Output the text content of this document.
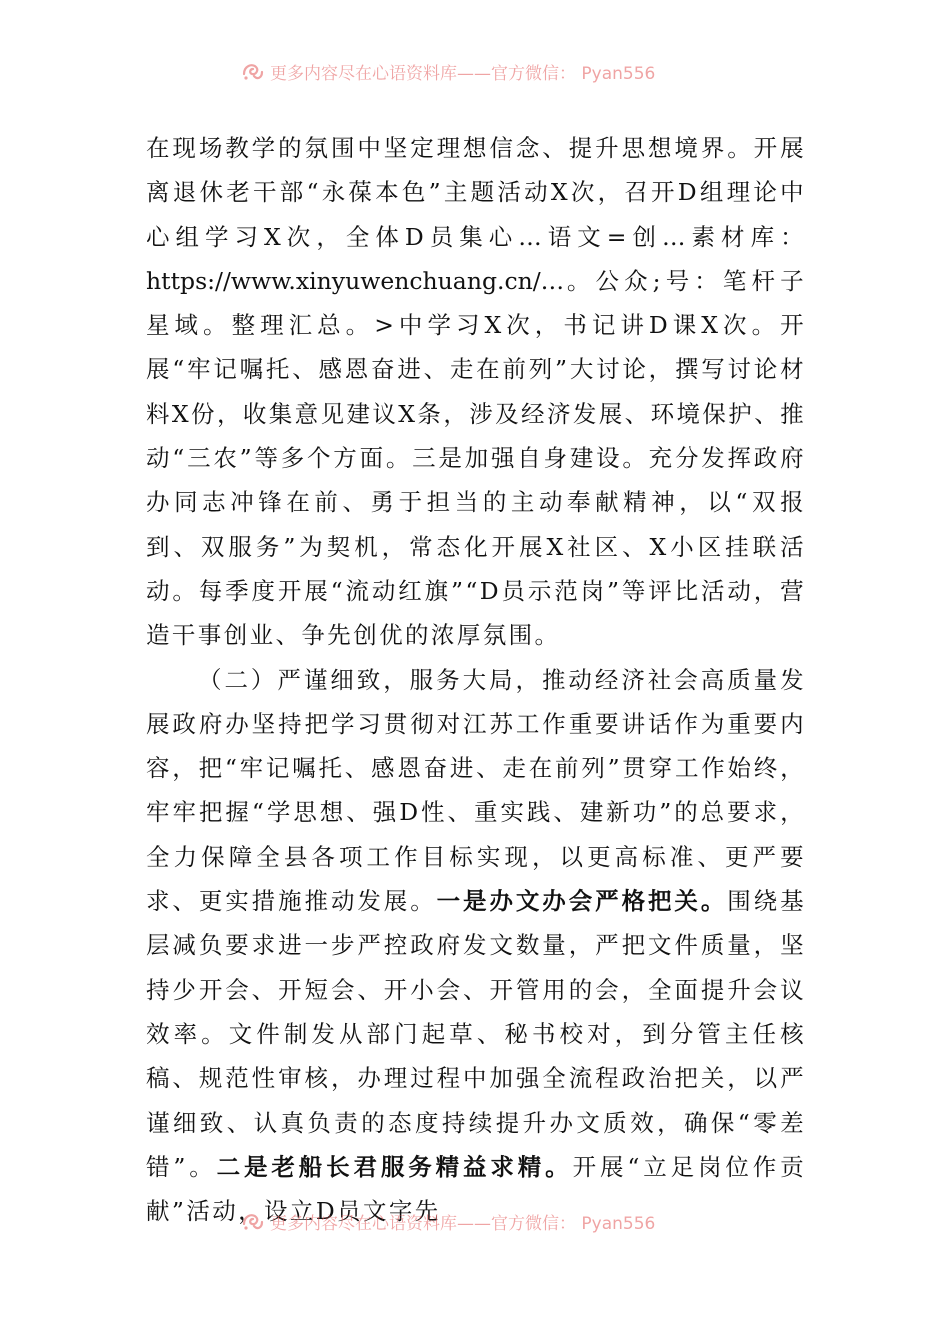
更多内容尽在心语资料库——官方微信： Pyan556

在现场教学的氛围中坚定理想信念、提升思想境界。开展离退休老干部“永葆本色”主题活动X次，召开D组理论中心组学习X次，全体D员集心…语文=创…素材库：https://www.xinyuwenchuang.cn/…。公众;号：笔杆子星域。整理汇总。>中学习X次，书记讲D课X次。开展“牢记嘱托、感恩奋进、走在前列”大讨论，撰写讨论材料X份，收集意见建议X条，涉及经济发展、环境保护、推动“三农”等多个方面。三是加强自身建设。充分发挥政府办同志冲锋在前、勇于担当的主动奉献精神，以“双报到、双服务”为契机，常态化开展X社区、X小区挂联活动。每季度开展“流动红旗”“D员示范岗”等评比活动，营造干事创业、争先创优的浓厚氛围。

（二）严谨细致，服务大局，推动经济社会高质量发展政府办坚持把学习贯彻对江苏工作重要讲话作为重要内容，把“牢记嘱托、感恩奋进、走在前列”贯穿工作始终，牢牢把握“学思想、强D性、重实践、建新功”的总要求，全力保障全县各项工作目标实现，以更高标准、更严要求、更实措施推动发展。一是办文办会严格把关。围绕基层减负要求进一步严控政府发文数量，严把文件质量，坚持少开会、开短会、开小会、开管用的会，全面提升会议效率。文件制发从部门起草、秘书校对，到分管主任核稿、规范性审核，办理过程中加强全流程政治把关，以严谨细致、认真负责的态度持续提升办文质效，确保“零差错”。二是老船长君服务精益求精。开展“立足岗位作贡献”活动，设立D员文字先

更多内容尽在心语资料库——官方微信： Pyan556
